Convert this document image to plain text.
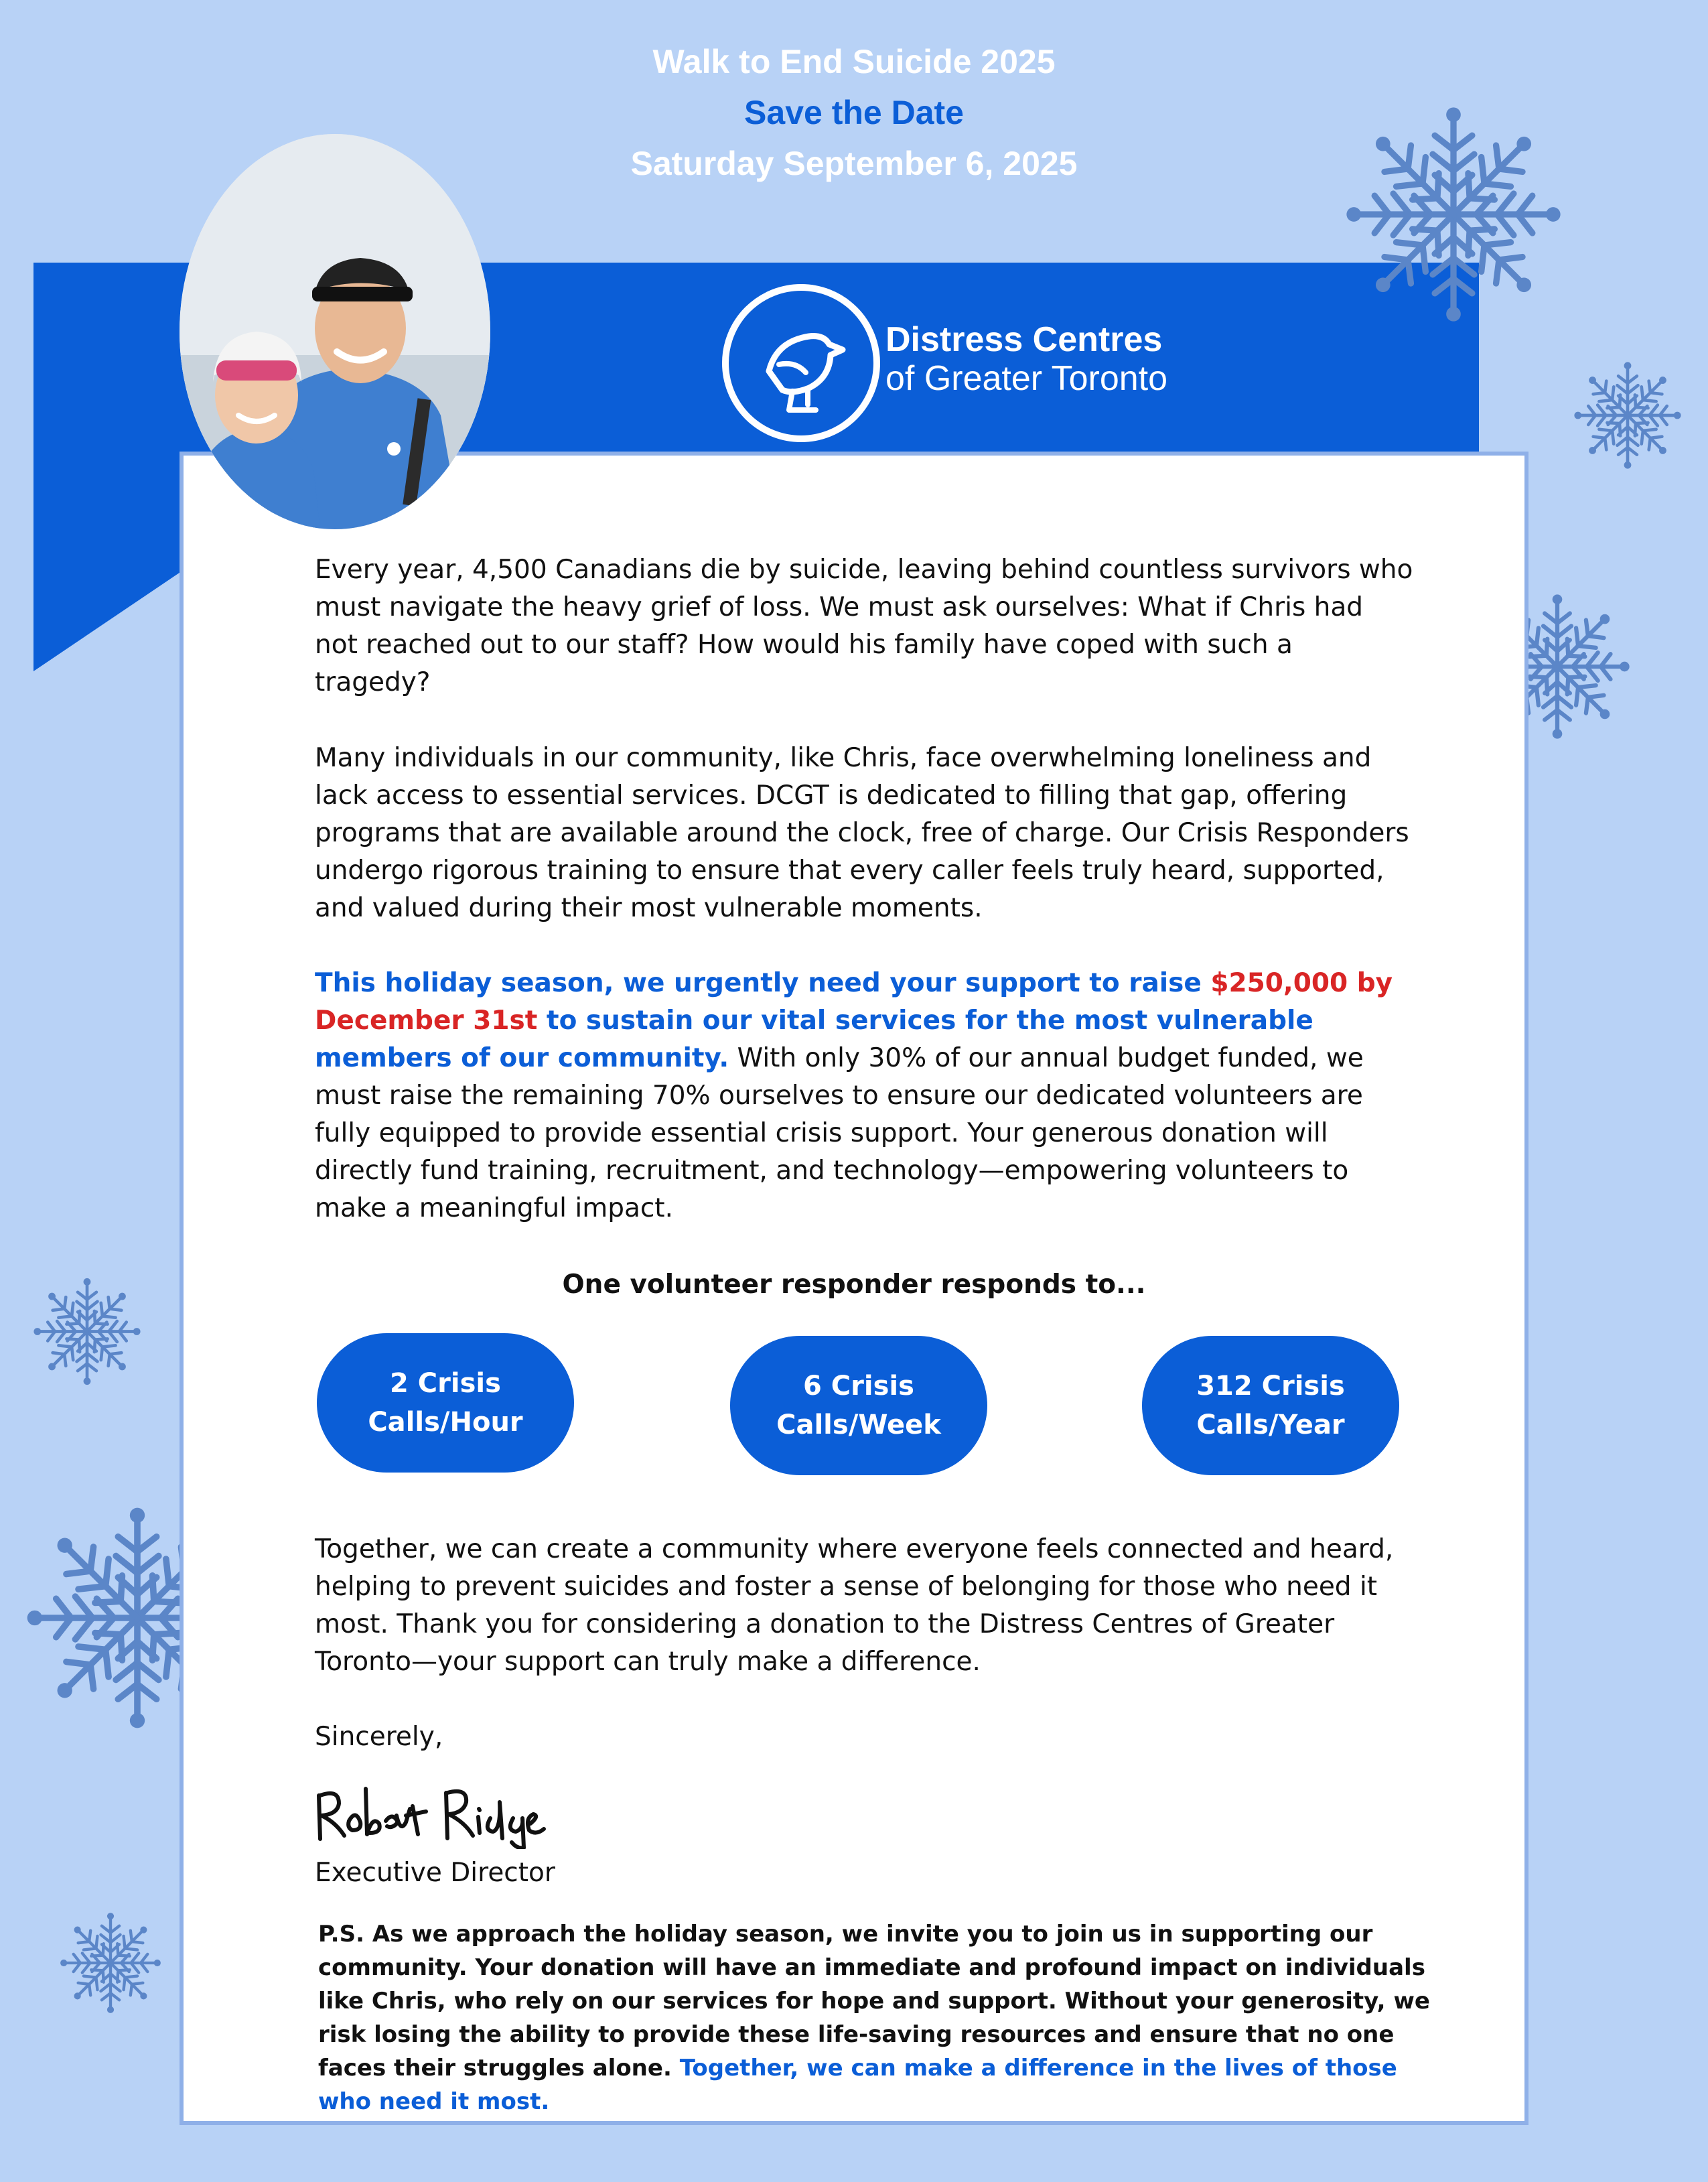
Walk to End Suicide 2025
Save the Date
Saturday September 6, 2025
Distress Centres
of Greater Toronto
Every year, 4,500 Canadians die by suicide, leaving behind countless survivors who must navigate the heavy grief of loss. We must ask ourselves: What if Chris had not reached out to our staff? How would his family have coped with such a tragedy?
Many individuals in our community, like Chris, face overwhelming loneliness and lack access to essential services. DCGT is dedicated to filling that gap, offering programs that are available around the clock, free of charge. Our Crisis Responders undergo rigorous training to ensure that every caller feels truly heard, supported, and valued during their most vulnerable moments.
This holiday season, we urgently need your support to raise $250,000 by December 31st to sustain our vital services for the most vulnerable members of our community. With only 30% of our annual budget funded, we must raise the remaining 70% ourselves to ensure our dedicated volunteers are fully equipped to provide essential crisis support. Your generous donation will directly fund training, recruitment, and technology—empowering volunteers to make a meaningful impact.
One volunteer responder responds to...
2 Crisis
Calls/Hour
6 Crisis
Calls/Week
312 Crisis
Calls/Year
Together, we can create a community where everyone feels connected and heard, helping to prevent suicides and foster a sense of belonging for those who need it most. Thank you for considering a donation to the Distress Centres of Greater Toronto—your support can truly make a difference.
Sincerely,
Executive Director
P.S. As we approach the holiday season, we invite you to join us in supporting our community. Your donation will have an immediate and profound impact on individuals like Chris, who rely on our services for hope and support. Without your generosity, we risk losing the ability to provide these life-saving resources and ensure that no one faces their struggles alone. Together, we can make a difference in the lives of those who need it most.
